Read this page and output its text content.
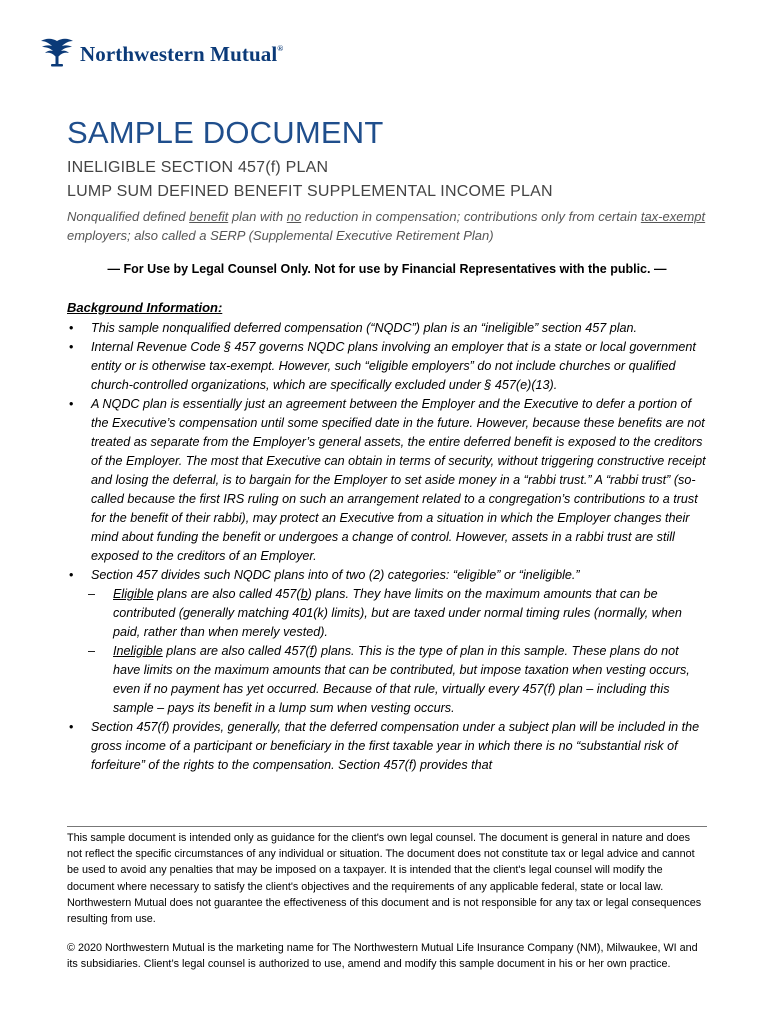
Northwestern Mutual®
SAMPLE DOCUMENT
INELIGIBLE SECTION 457(f) PLAN
LUMP SUM DEFINED BENEFIT SUPPLEMENTAL INCOME PLAN
Nonqualified defined benefit plan with no reduction in compensation; contributions only from certain tax-exempt employers; also called a SERP (Supplemental Executive Retirement Plan)
— For Use by Legal Counsel Only. Not for use by Financial Representatives with the public. —
Background Information:
• This sample nonqualified deferred compensation (“NQDC”) plan is an “ineligible” section 457 plan.
• Internal Revenue Code § 457 governs NQDC plans involving an employer that is a state or local government entity or is otherwise tax-exempt. However, such “eligible employers” do not include churches or qualified church-controlled organizations, which are specifically excluded under § 457(e)(13).
• A NQDC plan is essentially just an agreement between the Employer and the Executive to defer a portion of the Executive’s compensation until some specified date in the future. However, because these benefits are not treated as separate from the Employer’s general assets, the entire deferred benefit is exposed to the creditors of the Employer. The most that Executive can obtain in terms of security, without triggering constructive receipt and losing the deferral, is to bargain for the Employer to set aside money in a “rabbi trust.” A “rabbi trust” (so-called because the first IRS ruling on such an arrangement related to a congregation’s contributions to a trust for the benefit of their rabbi), may protect an Executive from a situation in which the Employer changes their mind about funding the benefit or undergoes a change of control. However, assets in a rabbi trust are still exposed to the creditors of an Employer.
• Section 457 divides such NQDC plans into of two (2) categories: “eligible” or “ineligible.”
– Eligible plans are also called 457(b) plans. They have limits on the maximum amounts that can be contributed (generally matching 401(k) limits), but are taxed under normal timing rules (normally, when paid, rather than when merely vested).
– Ineligible plans are also called 457(f) plans. This is the type of plan in this sample. These plans do not have limits on the maximum amounts that can be contributed, but impose taxation when vesting occurs, even if no payment has yet occurred. Because of that rule, virtually every 457(f) plan – including this sample – pays its benefit in a lump sum when vesting occurs.
• Section 457(f) provides, generally, that the deferred compensation under a subject plan will be included in the gross income of a participant or beneficiary in the first taxable year in which there is no “substantial risk of forfeiture” of the rights to the compensation. Section 457(f) provides that
This sample document is intended only as guidance for the client's own legal counsel. The document is general in nature and does not reflect the specific circumstances of any individual or situation. The document does not constitute tax or legal advice and cannot be used to avoid any penalties that may be imposed on a taxpayer. It is intended that the client's legal counsel will modify the document where necessary to satisfy the client's objectives and the requirements of any applicable federal, state or local law. Northwestern Mutual does not guarantee the effectiveness of this document and is not responsible for any tax or legal consequences resulting from use.
© 2020 Northwestern Mutual is the marketing name for The Northwestern Mutual Life Insurance Company (NM), Milwaukee, WI and its subsidiaries. Client’s legal counsel is authorized to use, amend and modify this sample document in his or her own practice.
